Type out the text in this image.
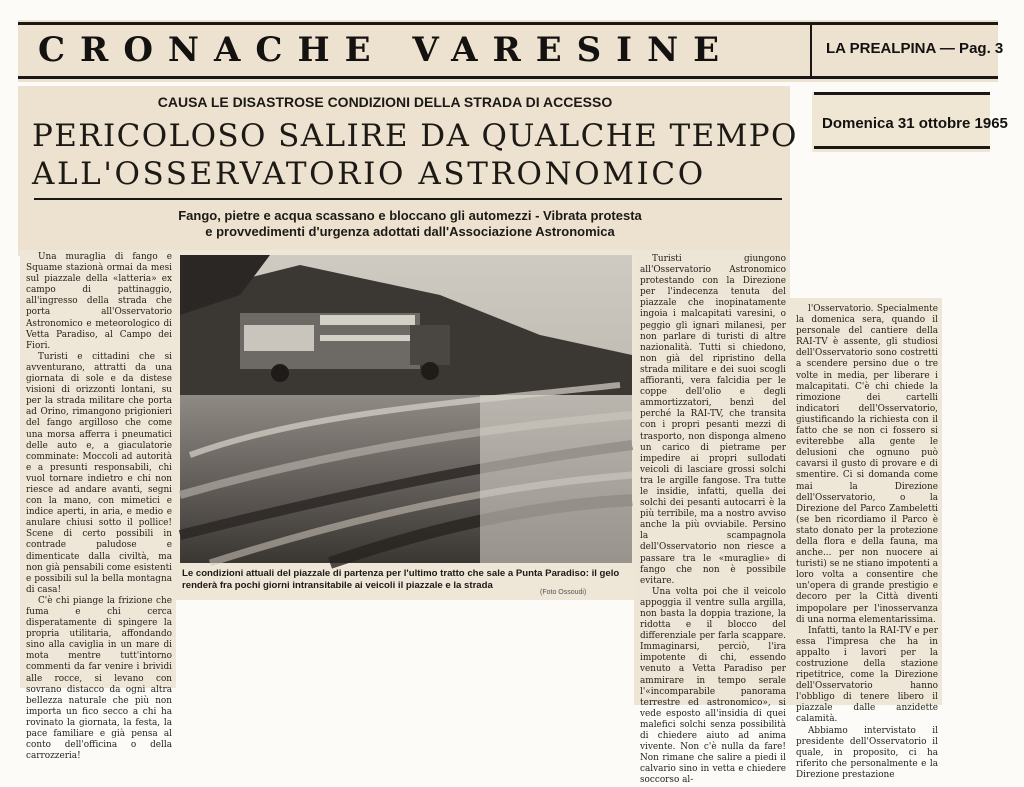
CRONACHE VARESINE	LA PREALPINA — Pag. 3
Domenica 31 ottobre 1965
CAUSA LE DISASTROSE CONDIZIONI DELLA STRADA DI ACCESSO
PERICOLOSO SALIRE DA QUALCHE TEMPO
ALL'OSSERVATORIO ASTRONOMICO
Fango, pietre e acqua scassano e bloccano gli automezzi - Vibrata protesta
e provvedimenti d'urgenza adottati dall'Associazione Astronomica

Una muraglia di fango e Squame stazionà ormai da mesi sul piazzale della «latteria» ex campo di pattinaggio, all'ingresso della strada che porta all'Osservatorio Astronomico e meteorologico di Vetta Paradiso, al Campo dei Fiori.

Turisti e cittadini che si avventurano, attratti da una giornata di sole e da distese visioni di orizzonti lontani, su per la strada militare che porta ad Orino, rimangono prigionieri del fango argilloso che come una morsa afferra i pneumatici delle auto e, a giaculatorie comminate: Moccoli ad autorità e a presunti responsabili, chi vuol tornare indietro e chi non riesce ad andare avanti, segni con la mano, con mimetici e indice aperti, in aria, e medio e anulare chiusi sotto il pollice! Scene di certo possibili in contrade paludose e dimenticate dalla civiltà, ma non già pensabili come esistenti e possibili sul la bella montagna di casa!

C'è chi piange la frizione che fuma e chi cerca disperatamente di spingere la propria utilitaria, affondando sino alla caviglia in un mare di mota mentre tutt'intorno commenti da far venire i brividi alle rocce, si levano con sovrano distacco da ogni altra bellezza naturale che più non importa un fico secco a chi ha rovinato la giornata, la festa, la pace familiare e già pensa al conto dell'officina o della carrozzeria!

Le condizioni attuali del piazzale di partenza per l'ultimo tratto che sale a Punta Paradiso: il gelo renderà fra pochi giorni intransitabile ai veicoli il piazzale e la strada
(Foto Ossoudi)

Turisti giungono all'Osservatorio Astronomico protestando con la Direzione per l'indecenza tenuta del piazzale che inopinatamente ingoia i malcapitati varesini, o peggio gli ignari milanesi, per non parlare di turisti di altre nazionalità. Tutti si chiedono, non già del ripristino della strada militare e dei suoi scogli affioranti, vera falcidia per le coppe dell'olio e degli ammortizzatori, benzì del perché la RAI-TV, che transita con i propri pesanti mezzi di trasporto, non disponga almeno un carico di pietrame per impedire ai propri sullodati veicoli di lasciare grossi solchi tra le argille fangose. Tra tutte le insidie, infatti, quella dei solchi dei pesanti autocarri è la più terribile, ma a nostro avviso anche la più ovviabile. Persino la scampagnola dell'Osservatorio non riesce a passare tra le «muraglie» di fango che non è possibile evitare.

Una volta poi che il veicolo appoggia il ventre sulla argilla, non basta la doppia trazione, la ridotta e il blocco del differenziale per farla scappare. Immaginarsi, perciò, l'ira impotente di chi, essendo venuto a Vetta Paradiso per ammirare in tempo serale l'«incomparabile panorama terrestre ed astronomico», si vede esposto all'insidia di quei malefici solchi senza possibilità di chiedere aiuto ad anima vivente. Non c'è nulla da fare! Non rimane che salire a piedi il calvario sino in vetta e chiedere soccorso al-

l'Osservatorio. Specialmente la domenica sera, quando il personale del cantiere della RAI-TV è assente, gli studiosi dell'Osservatorio sono costretti a scendere persino due o tre volte in media, per liberare i malcapitati. C'è chi chiede la rimozione dei cartelli indicatori dell'Osservatorio, giustificando la richiesta con il fatto che se non ci fossero si eviterebbe alla gente le delusioni che ognuno può cavarsi il gusto di provare e di smentire. Ci si domanda come mai la Direzione dell'Osservatorio, o la Direzione del Parco Zambeletti (se ben ricordiamo il Parco è stato donato per la protezione della flora e della fauna, ma anche... per non nuocere ai turisti) se ne stiano impotenti a loro volta a consentire che un'opera di grande prestigio e decoro per la Città diventi impopolare per l'inosservanza di una norma elementarissima.

Infatti, tanto la RAI-TV e per essa l'impresa che ha in appalto i lavori per la costruzione della stazione ripetitrice, come la Direzione dell'Osservatorio hanno l'obbligo di tenere libero il piazzale dalle anzidette calamità.

Abbiamo intervistato il presidente dell'Osservatorio il quale, in proposito, ci ha riferito che personalmente e la Direzione prestazione
